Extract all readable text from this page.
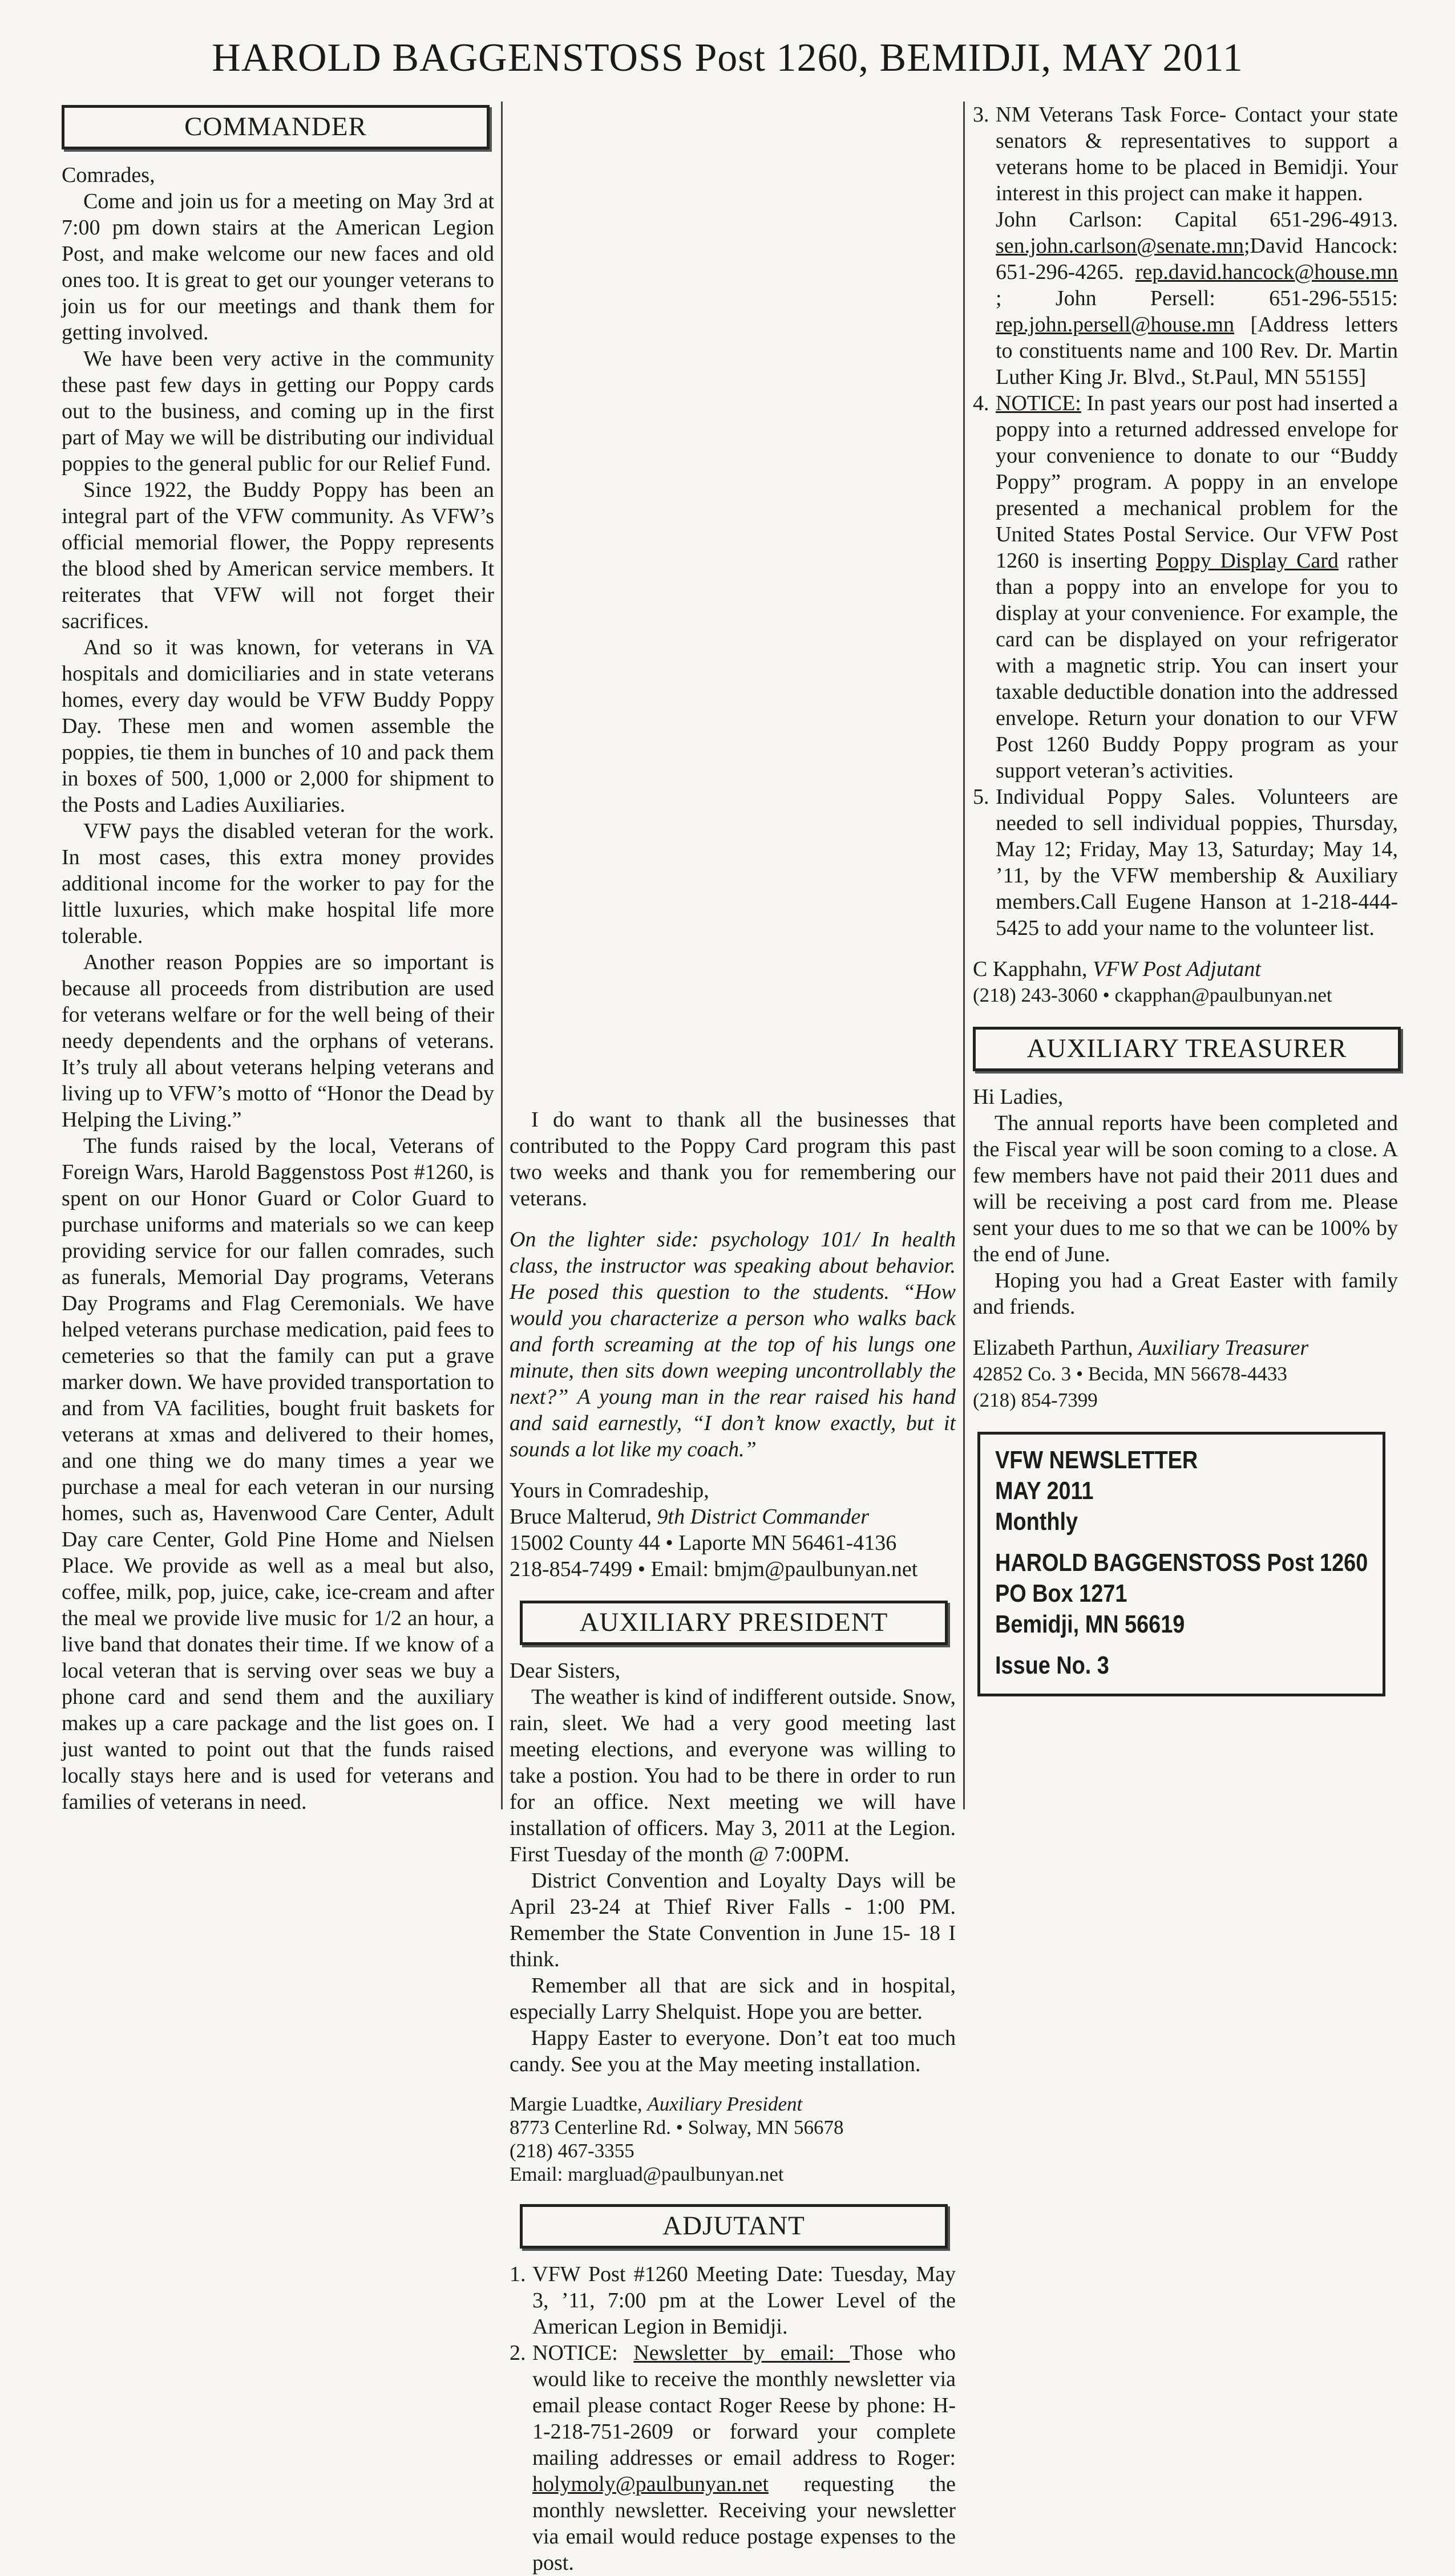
HAROLD BAGGENSTOSS Post 1260, BEMIDJI, MAY 2011
COMMANDER

Comrades,

Come and join us for a meeting on May 3rd at 7:00 pm down stairs at the American Legion Post, and make welcome our new faces and old ones too. It is great to get our younger veterans to join us for our meetings and thank them for getting involved.

We have been very active in the community these past few days in getting our Poppy cards out to the business, and coming up in the first part of May we will be distributing our individual poppies to the general public for our Relief Fund.

Since 1922, the Buddy Poppy has been an integral part of the VFW community. As VFW’s official memorial flower, the Poppy represents the blood shed by American service members. It reiterates that VFW will not forget their sacrifices.

And so it was known, for veterans in VA hospitals and domiciliaries and in state veterans homes, every day would be VFW Buddy Poppy Day. These men and women assemble the poppies, tie them in bunches of 10 and pack them in boxes of 500, 1,000 or 2,000 for shipment to the Posts and Ladies Auxiliaries.

VFW pays the disabled veteran for the work. In most cases, this extra money provides additional income for the worker to pay for the little luxuries, which make hospital life more tolerable.

Another reason Poppies are so important is because all proceeds from distribution are used for veterans welfare or for the well being of their needy dependents and the orphans of veterans. It’s truly all about veterans helping veterans and living up to VFW’s motto of “Honor the Dead by Helping the Living.”

The funds raised by the local, Veterans of Foreign Wars, Harold Baggenstoss Post #1260, is spent on our Honor Guard or Color Guard to purchase uniforms and materials so we can keep providing service for our fallen comrades, such as funerals, Memorial Day programs, Veterans Day Programs and Flag Ceremonials. We have helped veterans purchase medication, paid fees to cemeteries so that the family can put a grave marker down. We have provided transportation to and from VA facilities, bought fruit baskets for veterans at xmas and delivered to their homes, and one thing we do many times a year we purchase a meal for each veteran in our nursing homes, such as, Havenwood Care Center, Adult Day care Center, Gold Pine Home and Nielsen Place. We provide as well as a meal but also, coffee, milk, pop, juice, cake, ice-cream and after the meal we provide live music for 1/2 an hour, a live band that donates their time. If we know of a local veteran that is serving over seas we buy a phone card and send them and the auxiliary makes up a care package and the list goes on. I just wanted to point out that the funds raised locally stays here and is used for veterans and families of veterans in need.

I do want to thank all the businesses that contributed to the Poppy Card program this past two weeks and thank you for remembering our veterans.

On the lighter side: psychology 101/ In health class, the instructor was speaking about behavior. He posed this question to the students. “How would you characterize a person who walks back and forth screaming at the top of his lungs one minute, then sits down weeping uncontrollably the next?” A young man in the rear raised his hand and said earnestly, “I don’t know exactly, but it sounds a lot like my coach.”

Yours in Comradeship,

Bruce Malterud, 9th District Commander

15002 County 44 • Laporte MN 56461-4136

218-854-7499 • Email: bmjm@paulbunyan.net

AUXILIARY PRESIDENT

Dear Sisters,

The weather is kind of indifferent outside. Snow, rain, sleet. We had a very good meeting last meeting elections, and everyone was willing to take a postion. You had to be there in order to run for an office. Next meeting we will have installation of officers. May 3, 2011 at the Legion. First Tuesday of the month @ 7:00PM.

District Convention and Loyalty Days will be April 23-24 at Thief River Falls - 1:00 PM. Remember the State Convention in June 15- 18 I think.

Remember all that are sick and in hospital, especially Larry Shelquist. Hope you are better.

Happy Easter to everyone. Don’t eat too much candy. See you at the May meeting installation.

Margie Luadtke, Auxiliary President

8773 Centerline Rd. • Solway, MN 56678

(218) 467-3355

Email: margluad@paulbunyan.net

ADJUTANT
1. VFW Post #1260 Meeting Date: Tuesday, May 3, ’11, 7:00 pm at the Lower Level of the American Legion in Bemidji.
2. NOTICE: Newsletter by email: Those who would like to receive the monthly newsletter via email please contact Roger Reese by phone: H-1-218-751-2609 or forward your complete mailing addresses or email address to Roger: holymoly@paulbunyan.net requesting the monthly newsletter. Receiving your newsletter via email would reduce postage expenses to the post.
3. NM Veterans Task Force- Contact your state senators & representatives to support a veterans home to be placed in Bemidji. Your interest in this project can make it happen.

John Carlson: Capital 651-296-4913. sen.john.carlson@senate.mn;David Hancock: 651-296-4265. rep.david.hancock@house.mn ; John Persell: 651-296-5515: rep.john.persell@house.mn [Address letters to constituents name and 100 Rev. Dr. Martin Luther King Jr. Blvd., St.Paul, MN 55155]

4. NOTICE: In past years our post had inserted a poppy into a returned addressed envelope for your convenience to donate to our “Buddy Poppy” program. A poppy in an envelope presented a mechanical problem for the United States Postal Service. Our VFW Post 1260 is inserting Poppy Display Card rather than a poppy into an envelope for you to display at your convenience. For example, the card can be displayed on your refrigerator with a magnetic strip. You can insert your taxable deductible donation into the addressed envelope. Return your donation to our VFW Post 1260 Buddy Poppy program as your support veteran’s activities.
5. Individual Poppy Sales. Volunteers are needed to sell individual poppies, Thursday, May 12; Friday, May 13, Saturday; May 14, ’11, by the VFW membership & Auxiliary members.Call Eugene Hanson at 1-218-444-5425 to add your name to the volunteer list.

C Kapphahn, VFW Post Adjutant

(218) 243-3060 • ckapphan@paulbunyan.net

AUXILIARY TREASURER

Hi Ladies,

The annual reports have been completed and the Fiscal year will be soon coming to a close. A few members have not paid their 2011 dues and will be receiving a post card from me. Please sent your dues to me so that we can be 100% by the end of June.

Hoping you had a Great Easter with family and friends.

Elizabeth Parthun, Auxiliary Treasurer

42852 Co. 3 • Becida, MN 56678-4433

(218) 854-7399

VFW NEWSLETTER
MAY 2011
Monthly
HAROLD BAGGENSTOSS Post 1260
PO Box 1271
Bemidji, MN 56619
Issue No. 3
